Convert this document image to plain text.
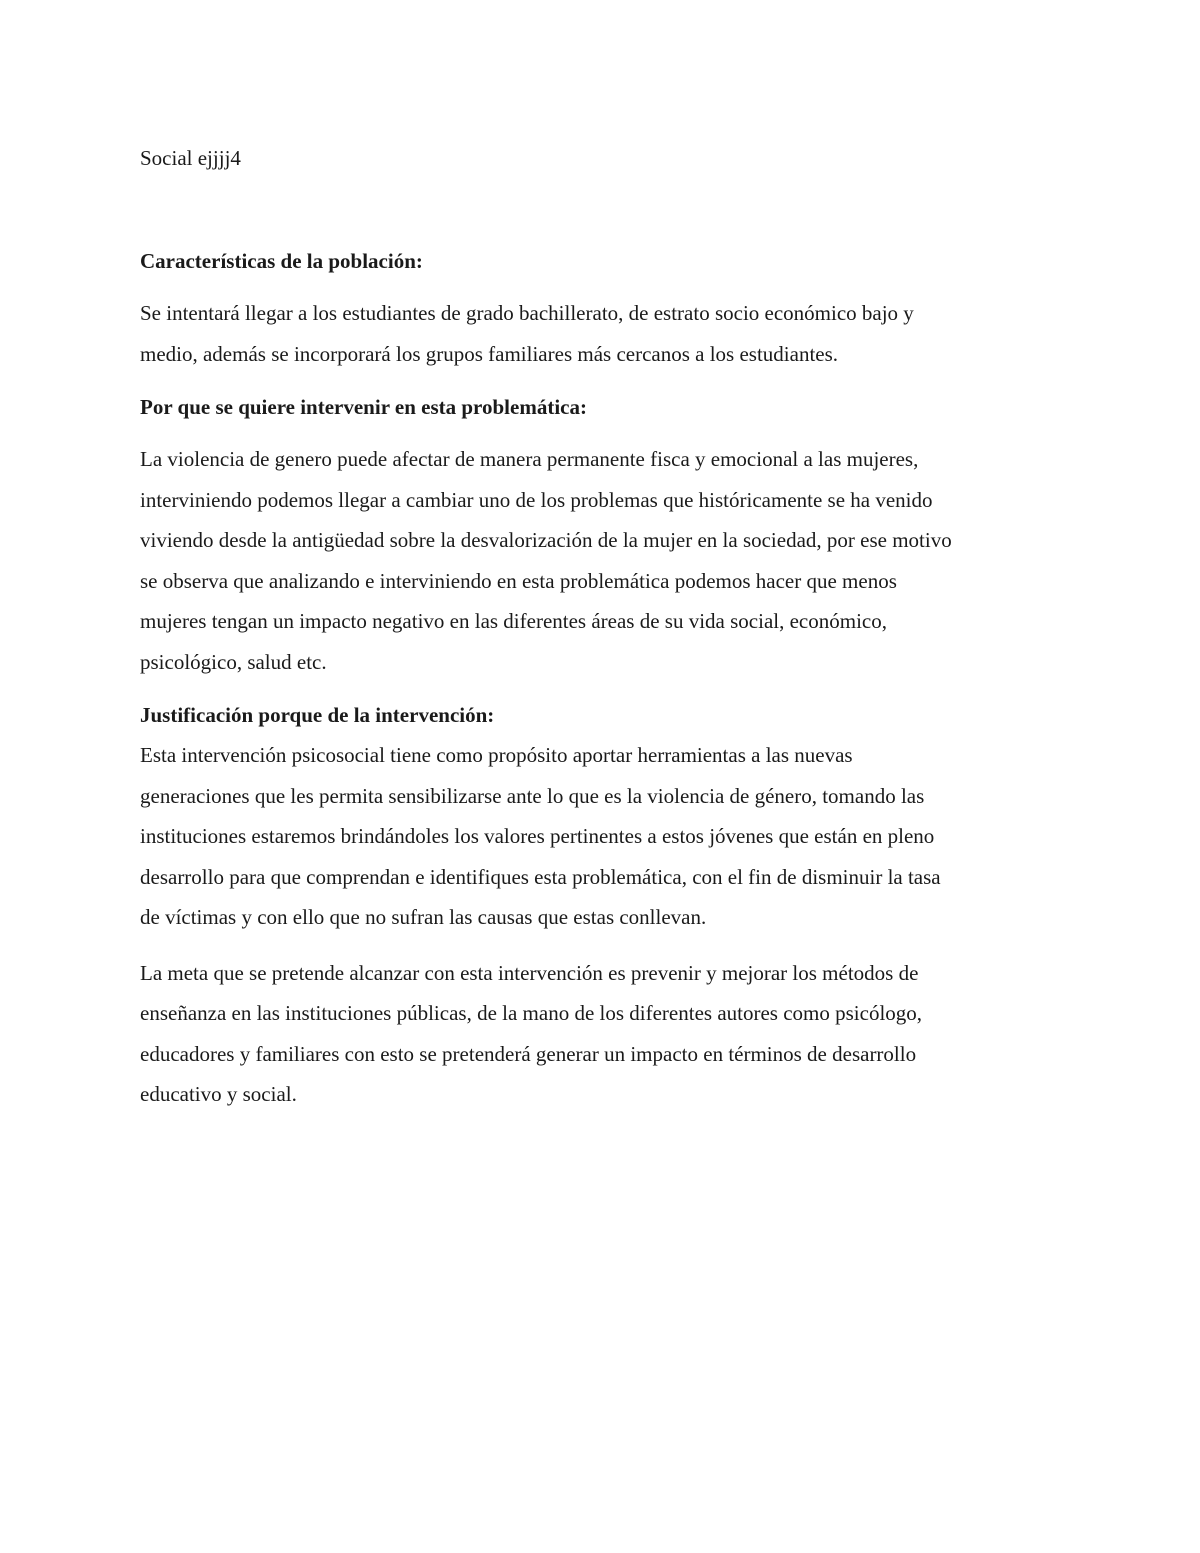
Social ejjjj4

Características de la población:

Se intentará llegar a los estudiantes de grado bachillerato, de estrato socio económico bajo y
medio, además se incorporará los grupos familiares más cercanos a los estudiantes.

Por que se quiere intervenir en esta problemática:

La violencia de genero puede afectar de manera permanente fisca y emocional a las mujeres,
interviniendo podemos llegar a cambiar uno de los problemas que históricamente se ha venido
viviendo desde la antigüedad sobre la desvalorización de la mujer en la sociedad, por ese motivo
se observa que analizando e interviniendo en esta problemática podemos hacer que menos
mujeres tengan un impacto negativo en las diferentes áreas de su vida social, económico,
psicológico, salud etc.

Justificación porque de la intervención:

Esta intervención psicosocial tiene como propósito aportar herramientas a las nuevas
generaciones que les permita sensibilizarse ante lo que es la violencia de género, tomando las
instituciones estaremos brindándoles los valores pertinentes a estos jóvenes que están en pleno
desarrollo para que comprendan e identifiques esta problemática, con el fin de disminuir la tasa
de víctimas y con ello que no sufran las causas que estas conllevan.

La meta que se pretende alcanzar con esta intervención es prevenir y mejorar los métodos de
enseñanza en las instituciones públicas, de la mano de los diferentes autores como psicólogo,
educadores y familiares con esto se pretenderá generar un impacto en términos de desarrollo
educativo y social.
